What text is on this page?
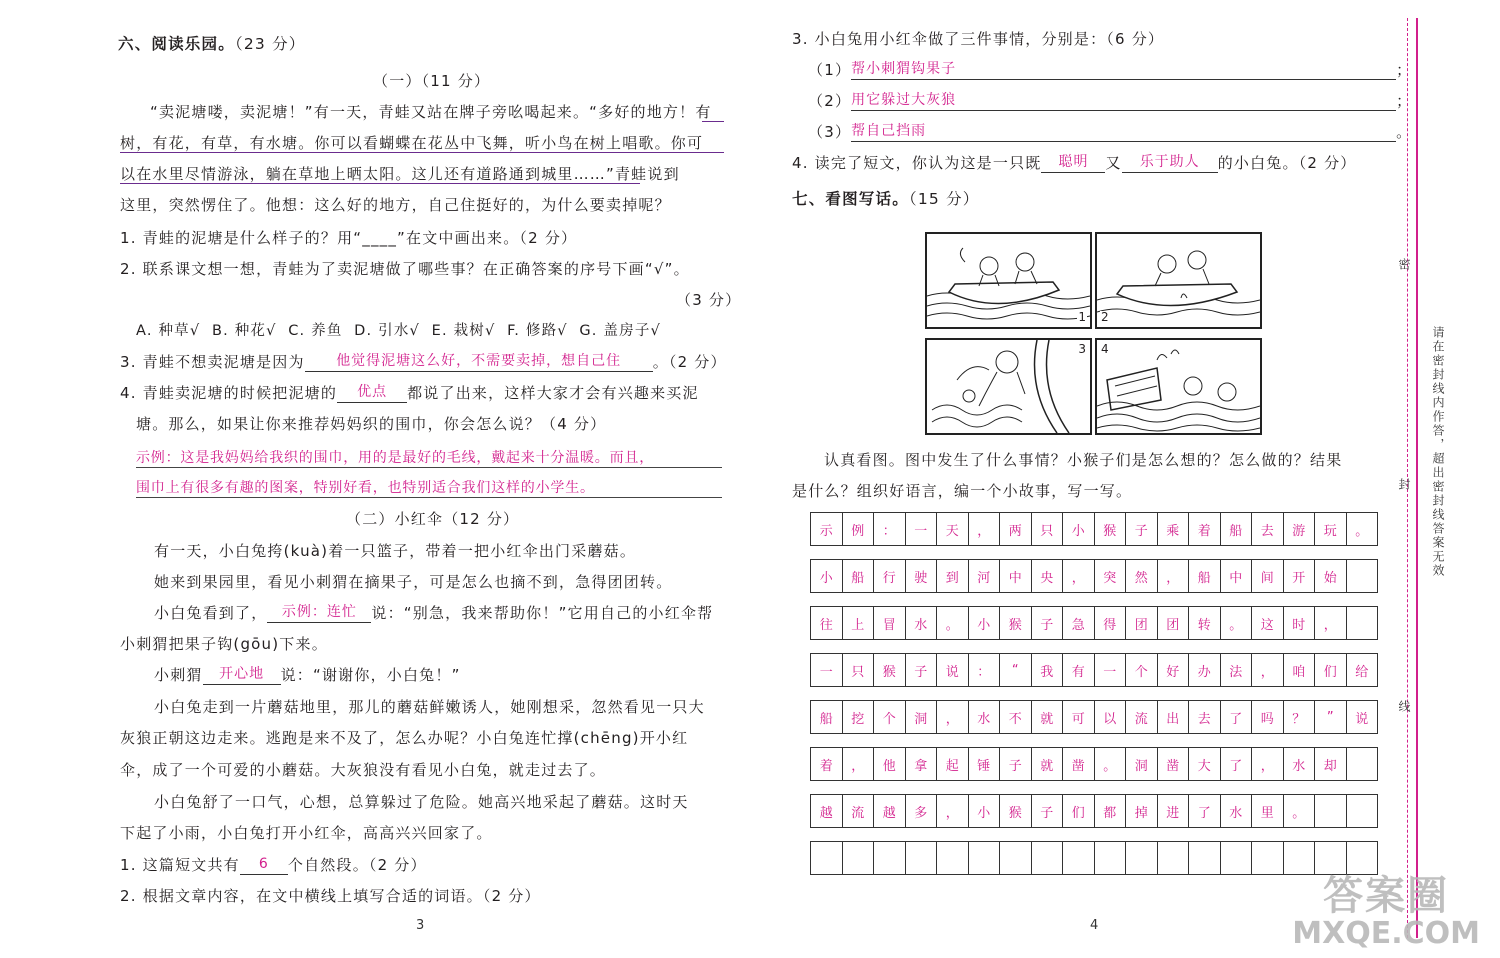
六、阅读乐园。（23 分）
（一）（11 分）
“卖泥塘喽，卖泥塘！”有一天，青蛙又站在牌子旁吆喝起来。“多好的地方！有
树，有花，有草，有水塘。你可以看蝴蝶在花丛中飞舞，听小鸟在树上唱歌。你可
以在水里尽情游泳，躺在草地上晒太阳。这儿还有道路通到城里……”青蛙说到
这里，突然愣住了。他想：这么好的地方，自己住挺好的，为什么要卖掉呢？
1. 青蛙的泥塘是什么样子的？用“____”在文中画出来。（2 分）
2. 联系课文想一想，青蛙为了卖泥塘做了哪些事？在正确答案的序号下画“√”。
（3 分）
A. 种草√ B. 种花√ C. 养鱼 D. 引水√ E. 栽树√ F. 修路√ G. 盖房子√
3. 青蛙不想卖泥塘是因为 他觉得泥塘这么好，不需要卖掉，想自己住 。（2 分）
4. 青蛙卖泥塘的时候把泥塘的 优点 都说了出来，这样大家才会有兴趣来买泥
塘。那么，如果让你来推荐妈妈织的围巾，你会怎么说？（4 分）
示例：这是我妈妈给我织的围巾，用的是最好的毛线，戴起来十分温暖。而且，
围巾上有很多有趣的图案，特别好看，也特别适合我们这样的小学生。
（二）小红伞（12 分）
有一天，小白兔挎(kuà)着一只篮子，带着一把小红伞出门采蘑菇。
她来到果园里，看见小刺猬在摘果子，可是怎么也摘不到，急得团团转。
小白兔看到了， 示例：连忙 说：“别急，我来帮助你！”它用自己的小红伞帮
小刺猬把果子钩(gōu)下来。
小刺猬 开心地 说：“谢谢你，小白兔！”
小白兔走到一片蘑菇地里，那儿的蘑菇鲜嫩诱人，她刚想采，忽然看见一只大
灰狼正朝这边走来。逃跑是来不及了，怎么办呢？小白兔连忙撑(chēng)开小红
伞，成了一个可爱的小蘑菇。大灰狼没有看见小白兔，就走过去了。
小白兔舒了一口气，心想，总算躲过了危险。她高兴地采起了蘑菇。这时天
下起了小雨，小白兔打开小红伞，高高兴兴回家了。
1. 这篇短文共有 6 个自然段。（2 分）
2. 根据文章内容，在文中横线上填写合适的词语。（2 分）
3
3. 小白兔用小红伞做了三件事情，分别是：（6 分）
（1）帮小刺猬钩果子	；
（2）用它躲过大灰狼	；
（3）帮自己挡雨	。
4. 读完了短文，你认为这是一只既 聪明 又 乐于助人 的小白兔。（2 分）
七、看图写话。（15 分）
1 2
3 4
认真看图。图中发生了什么事情？小猴子们是怎么想的？怎么做的？结果
是什么？组织好语言，编一个小故事，写一写。
示	例	：	一	天	，	两	只	小	猴	子	乘	着	船	去	游	玩	。
小	船	行	驶	到	河	中	央	，	突	然	，	船	中	间	开	始
往	上	冒	水	。	小	猴	子	急	得	团	团	转	。	这	时	，
一	只	猴	子	说	：	“	我	有	一	个	好	办	法	，	咱	们	给
船	挖	个	洞	，	水	不	就	可	以	流	出	去	了	吗	？	”	说
着	，	他	拿	起	锤	子	就	凿	。	洞	凿	大	了	，	水	却
越	流	越	多	，	小	猴	子	们	都	掉	进	了	水	里	。
4
密
封
线
请在密封线内作答，超出密封线答案无效
答案圈
MXQE.COM
